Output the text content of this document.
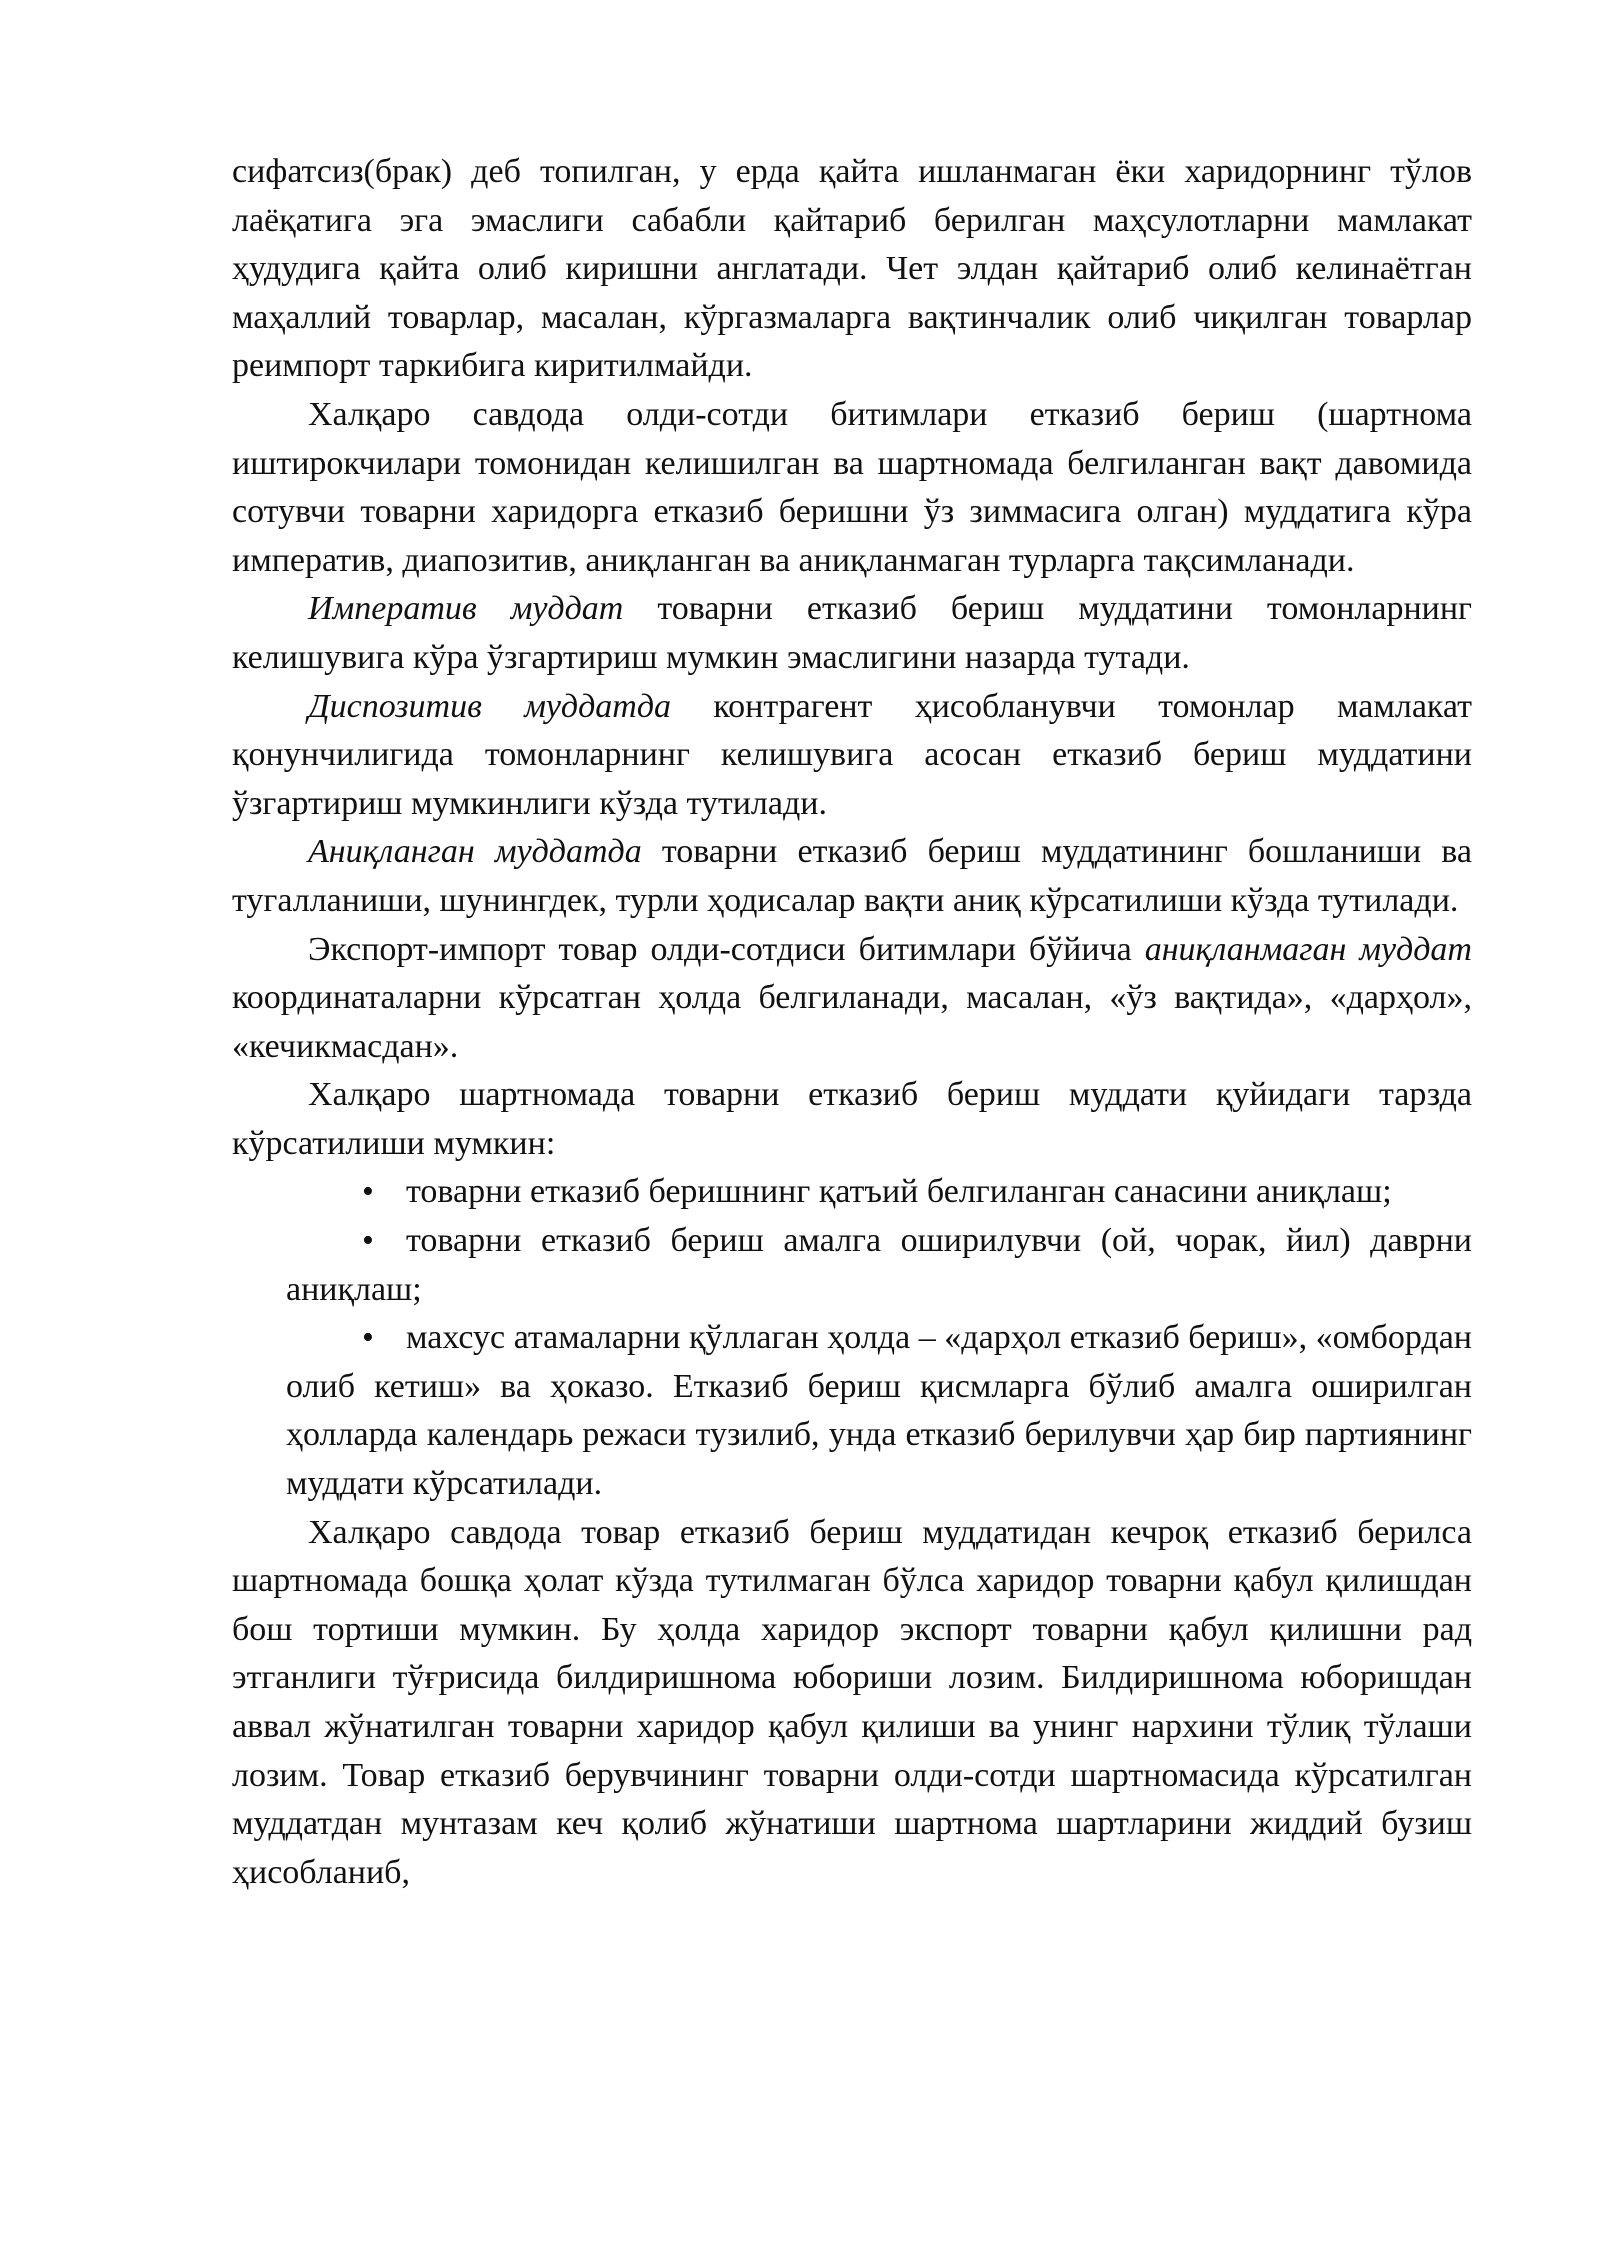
сифатсиз(брак) деб топилган, у ерда қайта ишланмаган ёки харидорнинг тўлов лаёқатига эга эмаслиги сабабли қайтариб берилган маҳсулотларни мамлакат ҳудудига қайта олиб киришни англатади. Чет элдан қайтариб олиб келинаётган маҳаллий товарлар, масалан, кўргазмаларга вақтинчалик олиб чиқилган товарлар реимпорт таркибига киритилмайди.

Халқаро савдода олди-сотди битимлари етказиб бериш (шартнома иштирокчилари томонидан келишилган ва шартномада белгиланган вақт давомида сотувчи товарни харидорга етказиб беришни ўз зиммасига олган) муддатига кўра императив, диапозитив, аниқланган ва аниқланмаган турларга тақсимланади.

Императив муддат товарни етказиб бериш муддатини томонларнинг келишувига кўра ўзгартириш мумкин эмаслигини назарда тутади.

Диспозитив муддатда контрагент ҳисобланувчи томонлар мамлакат қонунчилигида томонларнинг келишувига асосан етказиб бериш муддатини ўзгартириш мумкинлиги кўзда тутилади.

Аниқланган муддатда товарни етказиб бериш муддатининг бошланиши ва тугалланиши, шунингдек, турли ҳодисалар вақти аниқ кўрсатилиши кўзда тутилади.

Экспорт-импорт товар олди-сотдиси битимлари бўйича аниқланмаган муддат координаталарни кўрсатган ҳолда белгиланади, масалан, «ўз вақтида», «дарҳол», «кечикмасдан».

Халқаро шартномада товарни етказиб бериш муддати қуйидаги тарзда кўрсатилиши мумкин:

• товарни етказиб беришнинг қатъий белгиланган санасини аниқлаш;
• товарни етказиб бериш амалга оширилувчи (ой, чорак, йил) даврни аниқлаш;
• махсус атамаларни қўллаган ҳолда – «дарҳол етказиб бериш», «омбордан олиб кетиш» ва ҳоказо. Етказиб бериш қисмларга бўлиб амалга оширилган ҳолларда календарь режаси тузилиб, унда етказиб берилувчи ҳар бир партиянинг муддати кўрсатилади.

Халқаро савдода товар етказиб бериш муддатидан кечроқ етказиб берилса шартномада бошқа ҳолат кўзда тутилмаган бўлса харидор товарни қабул қилишдан бош тортиши мумкин. Бу ҳолда харидор экспорт товарни қабул қилишни рад этганлиги тўғрисида билдиришнома юбориши лозим. Билдиришнома юборишдан аввал жўнатилган товарни харидор қабул қилиши ва унинг нархини тўлиқ тўлаши лозим. Товар етказиб берувчининг товарни олди-сотди шартномасида кўрсатилган муддатдан мунтазам кеч қолиб жўнатиши шартнома шартларини жиддий бузиш ҳисобланиб,
